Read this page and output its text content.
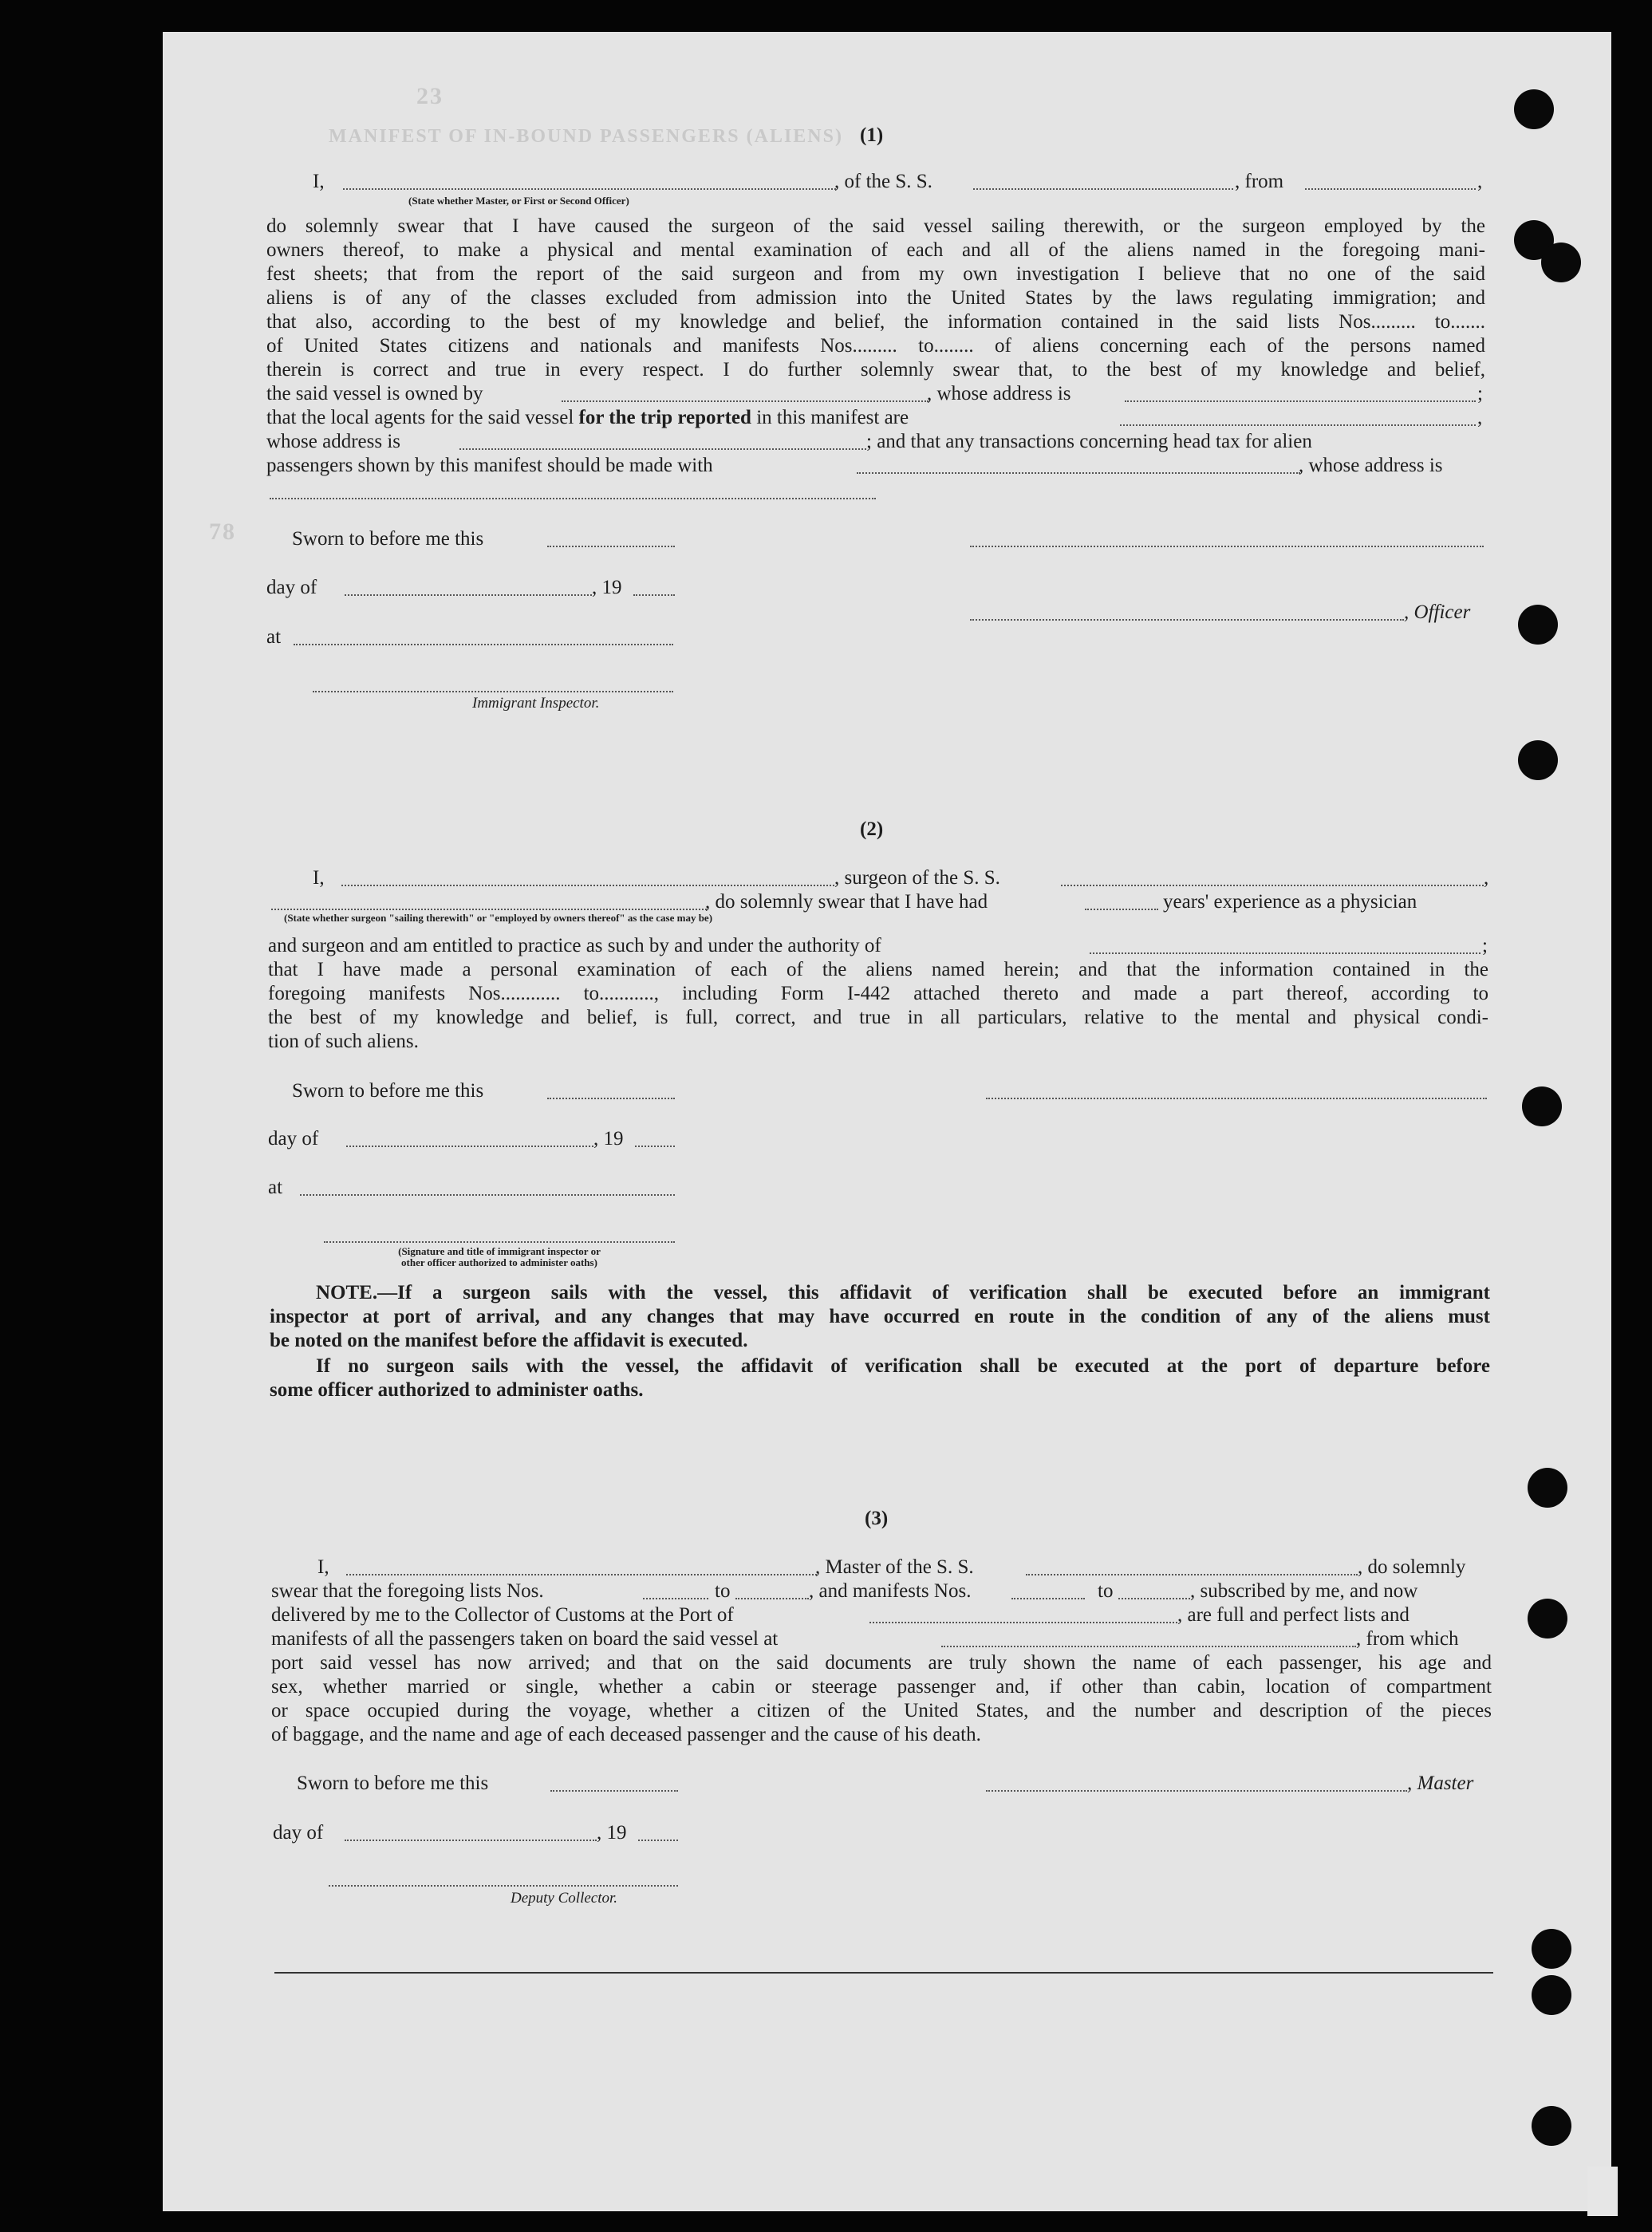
MANIFEST OF IN-BOUND PASSENGERS (ALIENS)
23
78
(1)
I,	, of the S. S.	, from	,
(State whether Master, or First or Second Officer)
do solemnly swear that I have caused the surgeon of the said vessel sailing therewith, or the surgeon employed by the
owners thereof, to make a physical and mental examination of each and all of the aliens named in the foregoing mani-
fest sheets; that from the report of the said surgeon and from my own investigation I believe that no one of the said
aliens is of any of the classes excluded from admission into the United States by the laws regulating immigration; and
that also, according to the best of my knowledge and belief, the information contained in the said lists Nos......... to.......
of United States citizens and nationals and manifests Nos......... to........ of aliens concerning each of the persons named
therein is correct and true in every respect. I do further solemnly swear that, to the best of my knowledge and belief,
the said vessel is owned by	, whose address is	;
that the local agents for the said vessel for the trip reported in this manifest are	,
whose address is	; and that any transactions concerning head tax for alien
passengers shown by this manifest should be made with	, whose address is
Sworn to before me this
day of	, 19
, Officer
at
Immigrant Inspector.
(2)
I,	, surgeon of the S. S.	,
, do solemnly swear that I have had	years' experience as a physician
(State whether surgeon "sailing therewith" or "employed by owners thereof" as the case may be)
and surgeon and am entitled to practice as such by and under the authority of	;
that I have made a personal examination of each of the aliens named herein; and that the information contained in the
foregoing manifests Nos............ to..........., including Form I-442 attached thereto and made a part thereof, according to
the best of my knowledge and belief, is full, correct, and true in all particulars, relative to the mental and physical condi-
tion of such aliens.
Sworn to before me this
day of	, 19
at
(Signature and title of immigrant inspector or
other officer authorized to administer oaths)
NOTE.—If a surgeon sails with the vessel, this affidavit of verification shall be executed before an immigrant
inspector at port of arrival, and any changes that may have occurred en route in the condition of any of the aliens must
be noted on the manifest before the affidavit is executed.
If no surgeon sails with the vessel, the affidavit of verification shall be executed at the port of departure before
some officer authorized to administer oaths.
(3)
I,	, Master of the S. S.	, do solemnly
swear that the foregoing lists Nos.	to	, and manifests Nos.	to	, subscribed by me, and now
delivered by me to the Collector of Customs at the Port of	, are full and perfect lists and
manifests of all the passengers taken on board the said vessel at	, from which
port said vessel has now arrived; and that on the said documents are truly shown the name of each passenger, his age and
sex, whether married or single, whether a cabin or steerage passenger and, if other than cabin, location of compartment
or space occupied during the voyage, whether a citizen of the United States, and the number and description of the pieces
of baggage, and the name and age of each deceased passenger and the cause of his death.
Sworn to before me this	, Master
day of	, 19
Deputy Collector.
